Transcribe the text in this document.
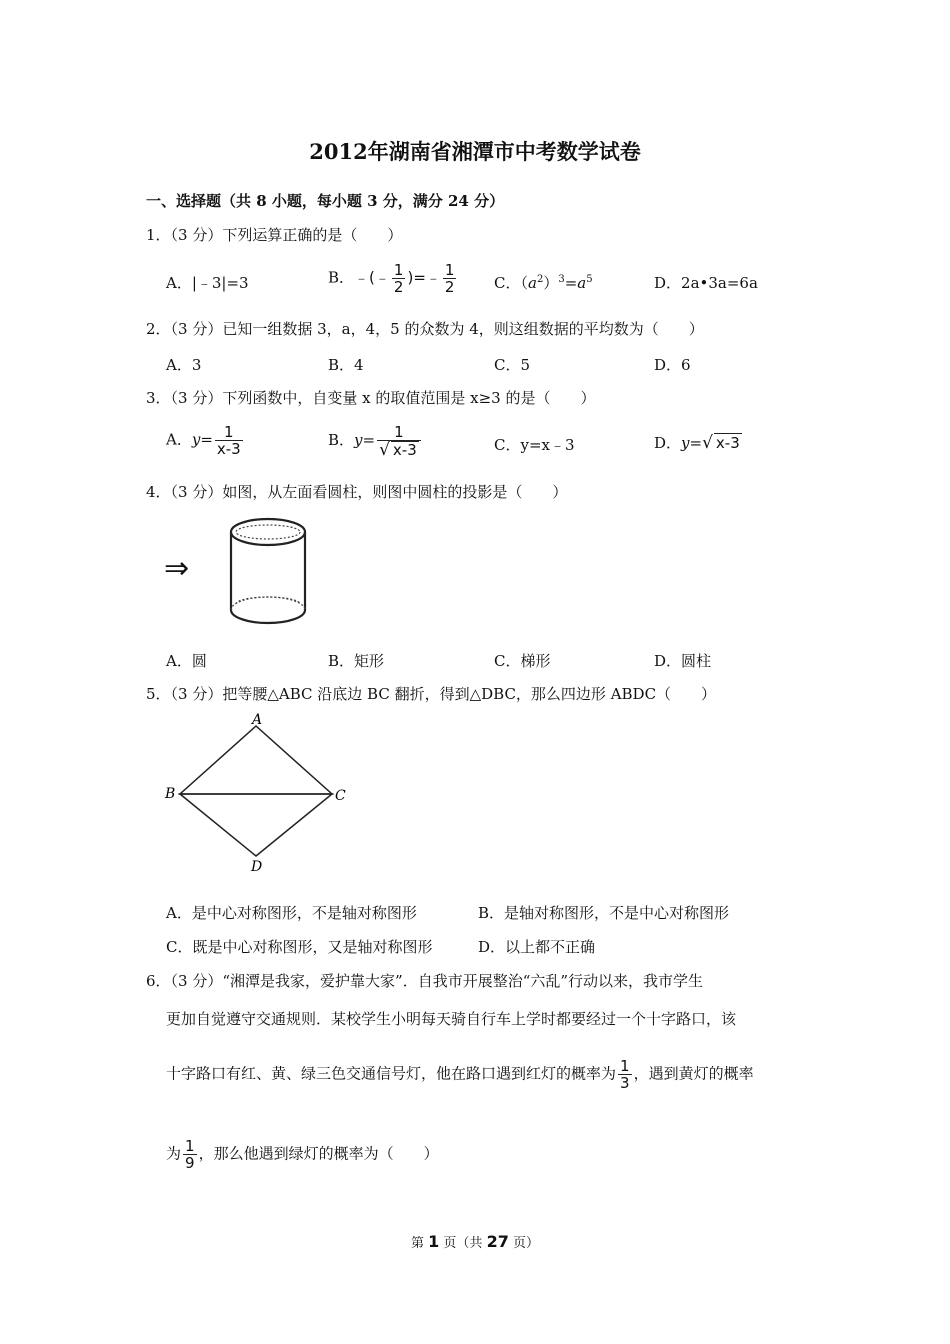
2012年湖南省湘潭市中考数学试卷
一、选择题（共 8 小题，每小题 3 分，满分 24 分）
1．（3 分）下列运算正确的是（　　）
A．|﹣3|=3	B．﹣(﹣ $\frac{1}{2}$ )=﹣ $\frac{1}{2}$	C．$(a^2)^3=a^5$	D．2a•3a=6a
2．（3 分）已知一组数据 3，a，4，5 的众数为 4，则这组数据的平均数为（　　）
A．3	B．4	C．5	D．6
3．（3 分）下列函数中，自变量 x 的取值范围是 x≥3 的是（　　）
A．$y= \frac{1}{x-3}$	B．$y= \frac{1}{√ x-3}$	C．y=x﹣3	D．y=√ x-3
4．（3 分）如图，从左面看圆柱，则图中圆柱的投影是（　　）
⇒
A．圆	B．矩形	C．梯形	D．圆柱
5．（3 分）把等腰△ABC 沿底边 BC 翻折，得到△DBC，那么四边形 ABDC（　　）
A
B	C
D
A．是中心对称图形，不是轴对称图形	B．是轴对称图形，不是中心对称图形
C．既是中心对称图形，又是轴对称图形	D．以上都不正确
6．（3 分）“湘潭是我家，爱护靠大家”．自我市开展整治“六乱”行动以来，我市学生
更加自觉遵守交通规则．某校学生小明每天骑自行车上学时都要经过一个十字路口，该
十字路口有红、黄、绿三色交通信号灯，他在路口遇到红灯的概率为 $\frac{1}{3}$ ，遇到黄灯的概率
为 $\frac{1}{9}$ ，那么他遇到绿灯的概率为（　　）
第 1 页（共 27 页）
